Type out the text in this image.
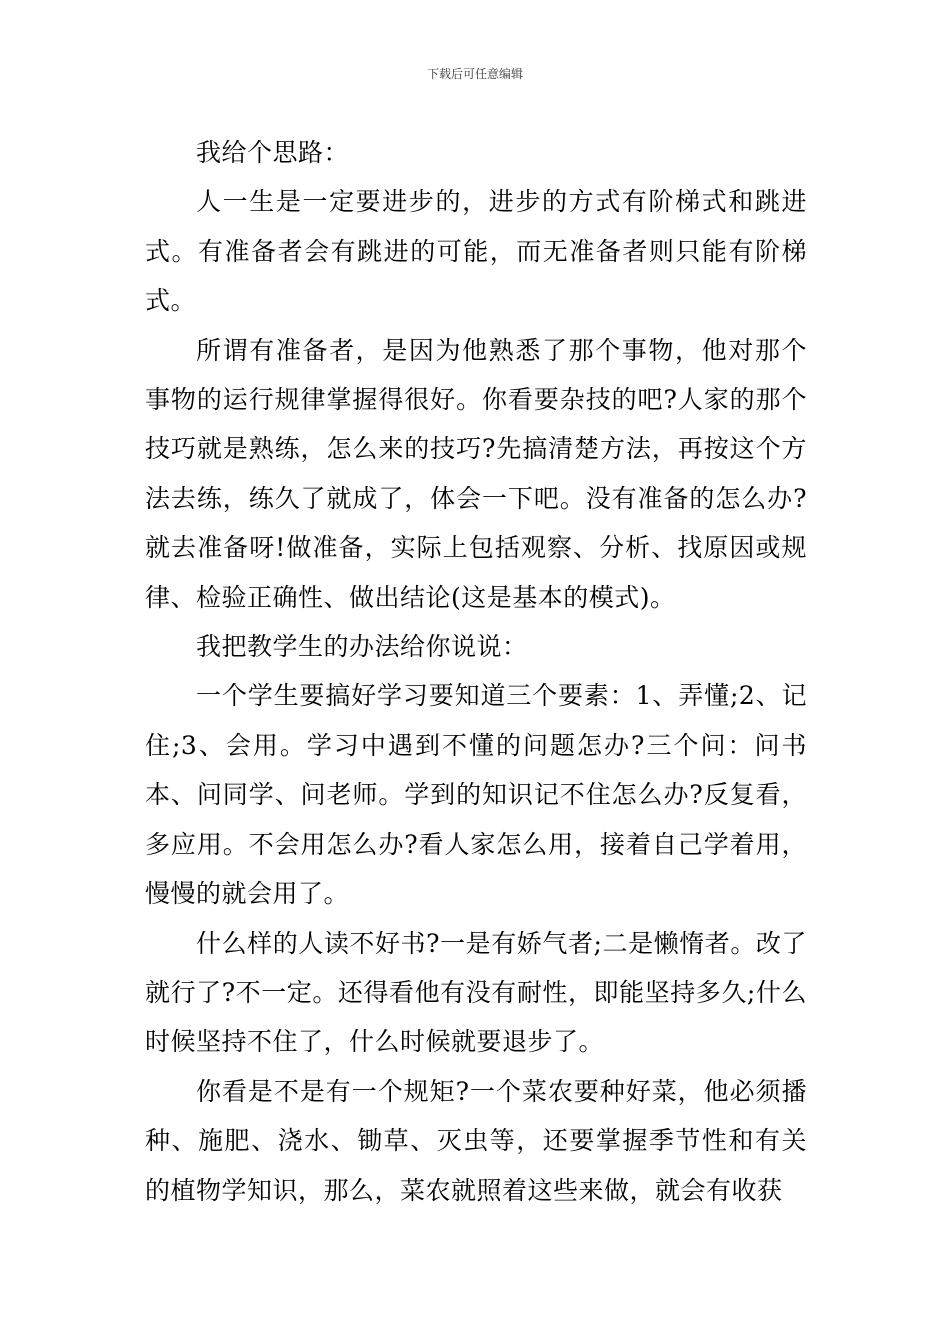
下载后可任意编辑

我给个思路：

人一生是一定要进步的，进步的方式有阶梯式和跳进式。有准备者会有跳进的可能，而无准备者则只能有阶梯式。

所谓有准备者，是因为他熟悉了那个事物，他对那个事物的运行规律掌握得很好。你看要杂技的吧?人家的那个技巧就是熟练，怎么来的技巧?先搞清楚方法，再按这个方法去练，练久了就成了，体会一下吧。没有准备的怎么办?就去准备呀!做准备，实际上包括观察、分析、找原因或规律、检验正确性、做出结论(这是基本的模式)。

我把教学生的办法给你说说：

一个学生要搞好学习要知道三个要素：1、弄懂;2、记住;3、会用。学习中遇到不懂的问题怎办?三个问：问书本、问同学、问老师。学到的知识记不住怎么办?反复看，多应用。不会用怎么办?看人家怎么用，接着自己学着用，慢慢的就会用了。

什么样的人读不好书?一是有娇气者;二是懒惰者。改了就行了?不一定。还得看他有没有耐性，即能坚持多久;什么时候坚持不住了，什么时候就要退步了。

你看是不是有一个规矩?一个菜农要种好菜，他必须播种、施肥、浇水、锄草、灭虫等，还要掌握季节性和有关的植物学知识，那么，菜农就照着这些来做，就会有收获
